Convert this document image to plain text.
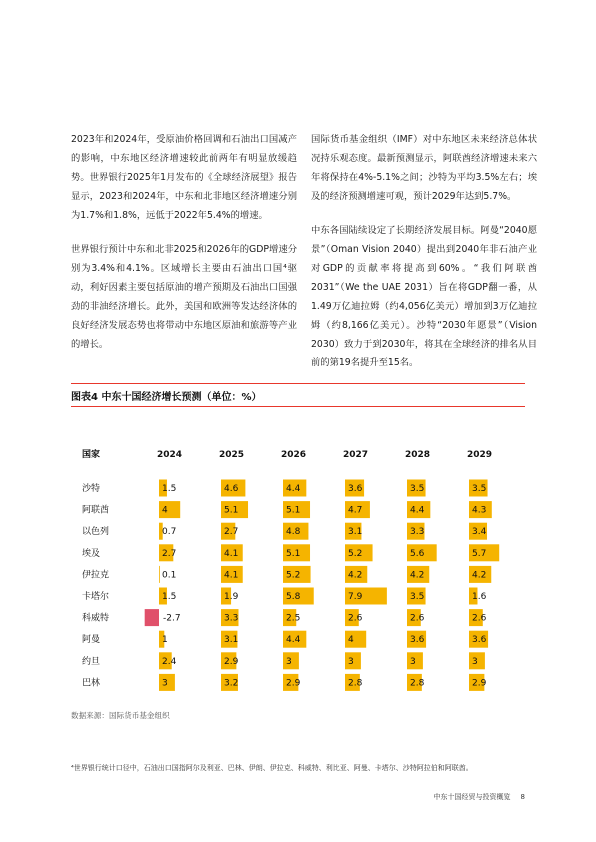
2023年和2024年，受原油价格回调和石油出口国减产的影响，中东地区经济增速较此前两年有明显放缓趋势。世界银行2025年1月发布的《全球经济展望》报告显示，2023和2024年，中东和北非地区经济增速分别为1.7%和1.8%，远低于2022年5.4%的增速。

世界银行预计中东和北非2025和2026年的GDP增速分别为3.4%和4.1%。区域增长主要由石油出口国⁴驱动，利好因素主要包括原油的增产预期及石油出口国强劲的非油经济增长。此外，美国和欧洲等发达经济体的良好经济发展态势也将带动中东地区原油和旅游等产业的增长。

国际货币基金组织（IMF）对中东地区未来经济总体状况持乐观态度。最新预测显示，阿联酋经济增速未来六年将保持在4%-5.1%之间；沙特为平均3.5%左右；埃及的经济预测增速可观，预计2029年达到5.7%。

中东各国陆续设定了长期经济发展目标。阿曼“2040愿景”（Oman Vision 2040）提出到2040年非石油产业对GDP的贡献率将提高到60%。“我们阿联酋2031”（We the UAE 2031）旨在将GDP翻一番，从1.49万亿迪拉姆（约4,056亿美元）增加到3万亿迪拉姆（约8,166亿美元）。沙特“2030年愿景”（Vision 2030）致力于到2030年，将其在全球经济的排名从目前的第19名提升至15名。

图表4 中东十国经济增长预测（单位：%）
国家	2024	2025	2026	2027	2028	2029
沙特	1.5	4.6	4.4	3.6	3.5	3.5
阿联酋	4	5.1	5.1	4.7	4.4	4.3
以色列	0.7	2.7	4.8	3.1	3.3	3.4
埃及	2.7	4.1	5.1	5.2	5.6	5.7
伊拉克	0.1	4.1	5.2	4.2	4.2	4.2
卡塔尔	1.5	1.9	5.8	7.9	3.5	1.6
科威特	-2.7	3.3	2.5	2.6	2.6	2.6
阿曼	1	3.1	4.4	4	3.6	3.6
约旦	2.4	2.9	3	3	3	3
巴林	3	3.2	2.9	2.8	2.8	2.9
数据来源：国际货币基金组织
⁴世界银行统计口径中，石油出口国指阿尔及利亚、巴林、伊朗、伊拉克、科威特、利比亚、阿曼、卡塔尔、沙特阿拉伯和阿联酋。
中东十国经贸与投资概览 8
